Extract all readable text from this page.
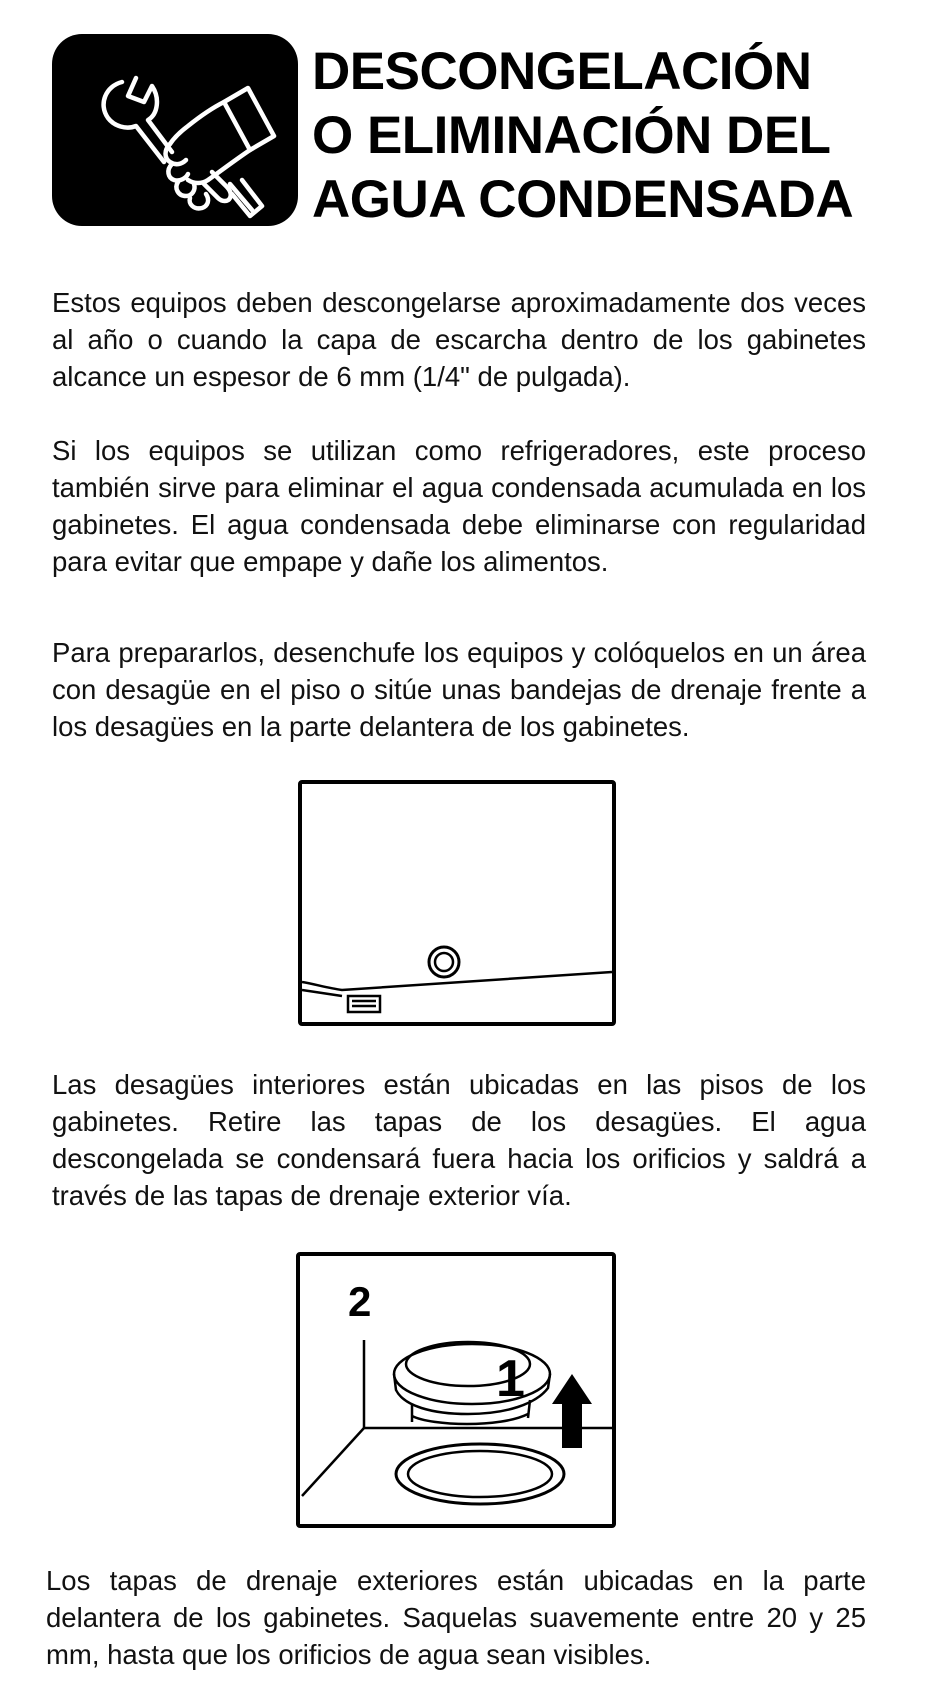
DESCONGELACIÓN
O ELIMINACIÓN DEL
AGUA CONDENSADA

Estos equipos deben descongelarse aproximadamente dos veces al año o cuando la capa de escarcha dentro de los gabinetes alcance un espesor de 6 mm (1/4" de pulgada).

Si los equipos se utilizan como refrigeradores, este proceso también sirve para eliminar el agua condensada acumulada en los gabinetes. El agua condensada debe eliminarse con regularidad para evitar que empape y dañe los alimentos.

Para prepararlos, desenchufe los equipos y colóquelos en un área con desagüe en el piso o sitúe unas bandejas de drenaje frente a los desagües en la parte delantera de los gabinetes.

Las desagües interiores están ubicadas en las pisos de los gabinetes. Retire las tapas de los desagües. El agua descongelada se condensará fuera hacia los orificios y saldrá a través de las tapas de drenaje exterior vía.

2
1

Los tapas de drenaje exteriores están ubicadas en la parte delantera de los gabinetes. Saquelas suavemente entre 20 y 25 mm, hasta que los orificios de agua sean visibles.
